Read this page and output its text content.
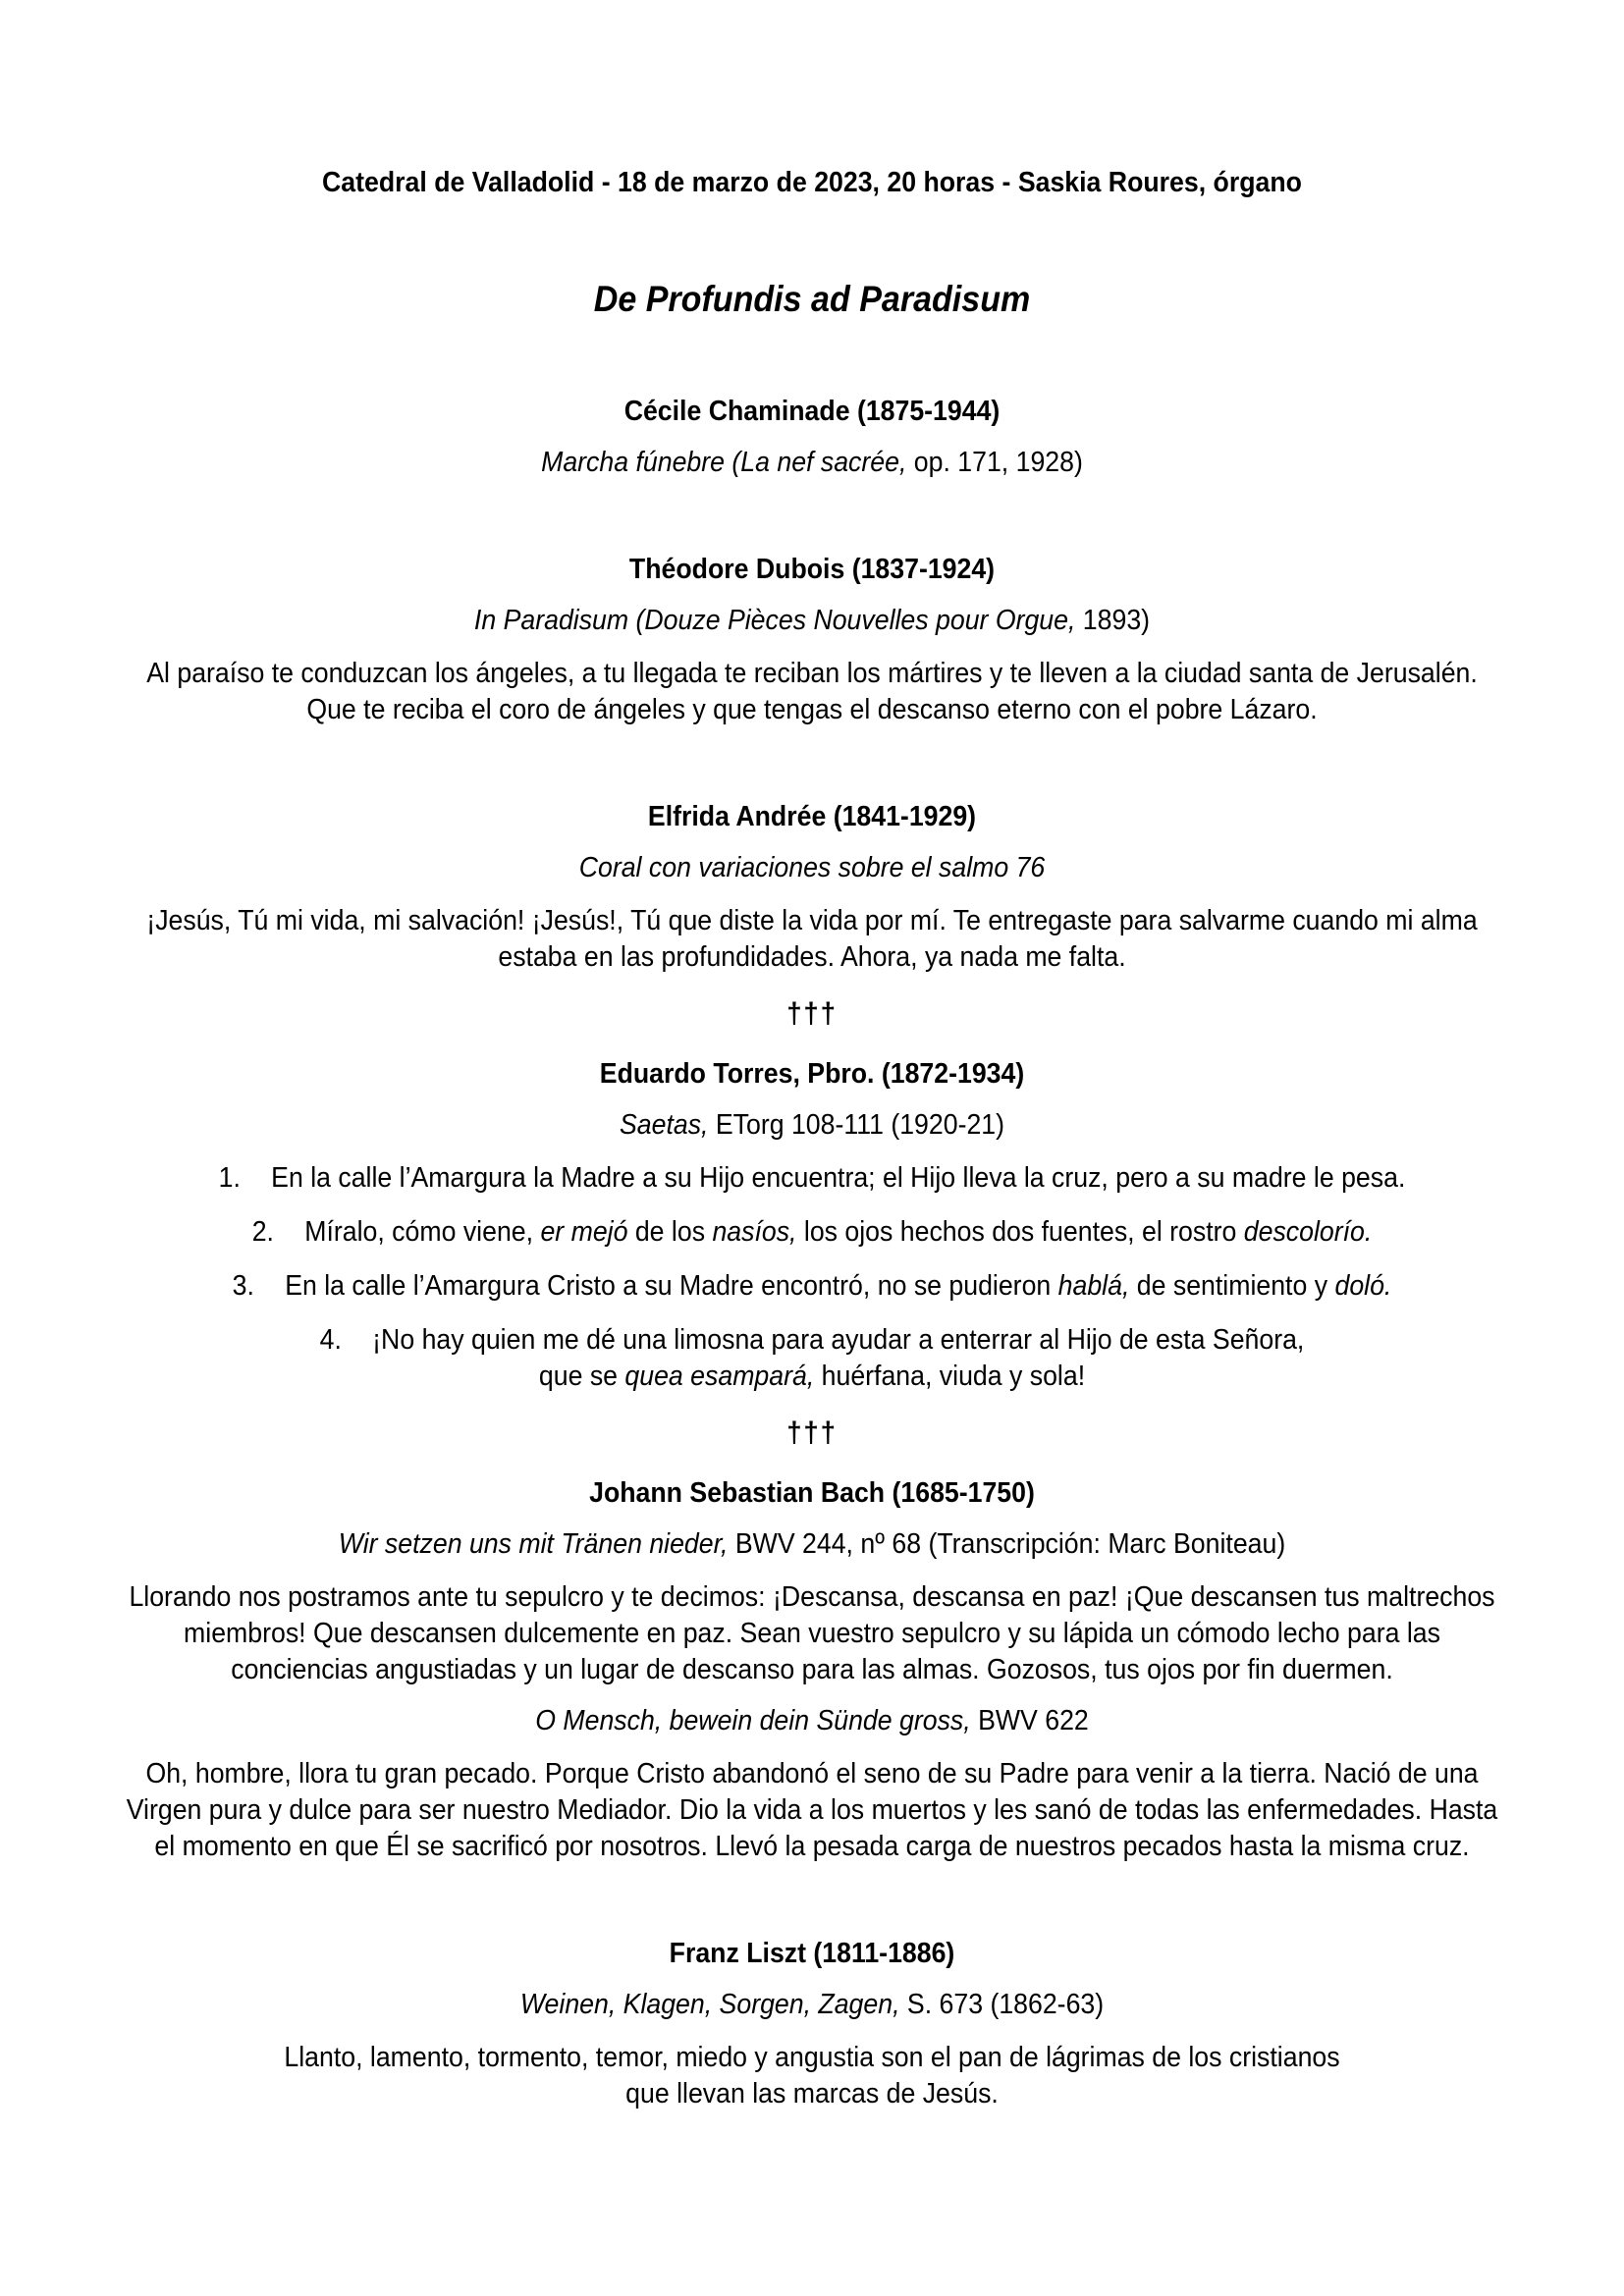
Catedral de Valladolid - 18 de marzo de 2023, 20 horas - Saskia Roures, órgano
De Profundis ad Paradisum
Cécile Chaminade (1875-1944)
Marcha fúnebre (La nef sacrée, op. 171, 1928)
Théodore Dubois (1837-1924)
In Paradisum (Douze Pièces Nouvelles pour Orgue, 1893)
Al paraíso te conduzcan los ángeles, a tu llegada te reciban los mártires y te lleven a la ciudad santa de Jerusalén.
Que te reciba el coro de ángeles y que tengas el descanso eterno con el pobre Lázaro.
Elfrida Andrée (1841-1929)
Coral con variaciones sobre el salmo 76
¡Jesús, Tú mi vida, mi salvación! ¡Jesús!, Tú que diste la vida por mí. Te entregaste para salvarme cuando mi alma
estaba en las profundidades. Ahora, ya nada me falta.
†††
Eduardo Torres, Pbro. (1872-1934)
Saetas, ETorg 108-111 (1920-21)
1. En la calle l’Amargura la Madre a su Hijo encuentra; el Hijo lleva la cruz, pero a su madre le pesa.
2. Míralo, cómo viene, er mejó de los nasíos, los ojos hechos dos fuentes, el rostro descolorío.
3. En la calle l’Amargura Cristo a su Madre encontró, no se pudieron hablá, de sentimiento y doló.
4. ¡No hay quien me dé una limosna para ayudar a enterrar al Hijo de esta Señora,
que se quea esampará, huérfana, viuda y sola!
†††
Johann Sebastian Bach (1685-1750)
Wir setzen uns mit Tränen nieder, BWV 244, nº 68 (Transcripción: Marc Boniteau)
Llorando nos postramos ante tu sepulcro y te decimos: ¡Descansa, descansa en paz! ¡Que descansen tus maltrechos
miembros! Que descansen dulcemente en paz. Sean vuestro sepulcro y su lápida un cómodo lecho para las
conciencias angustiadas y un lugar de descanso para las almas. Gozosos, tus ojos por fin duermen.
O Mensch, bewein dein Sünde gross, BWV 622
Oh, hombre, llora tu gran pecado. Porque Cristo abandonó el seno de su Padre para venir a la tierra. Nació de una
Virgen pura y dulce para ser nuestro Mediador. Dio la vida a los muertos y les sanó de todas las enfermedades. Hasta
el momento en que Él se sacrificó por nosotros. Llevó la pesada carga de nuestros pecados hasta la misma cruz.
Franz Liszt (1811-1886)
Weinen, Klagen, Sorgen, Zagen, S. 673 (1862-63)
Llanto, lamento, tormento, temor, miedo y angustia son el pan de lágrimas de los cristianos
que llevan las marcas de Jesús.
